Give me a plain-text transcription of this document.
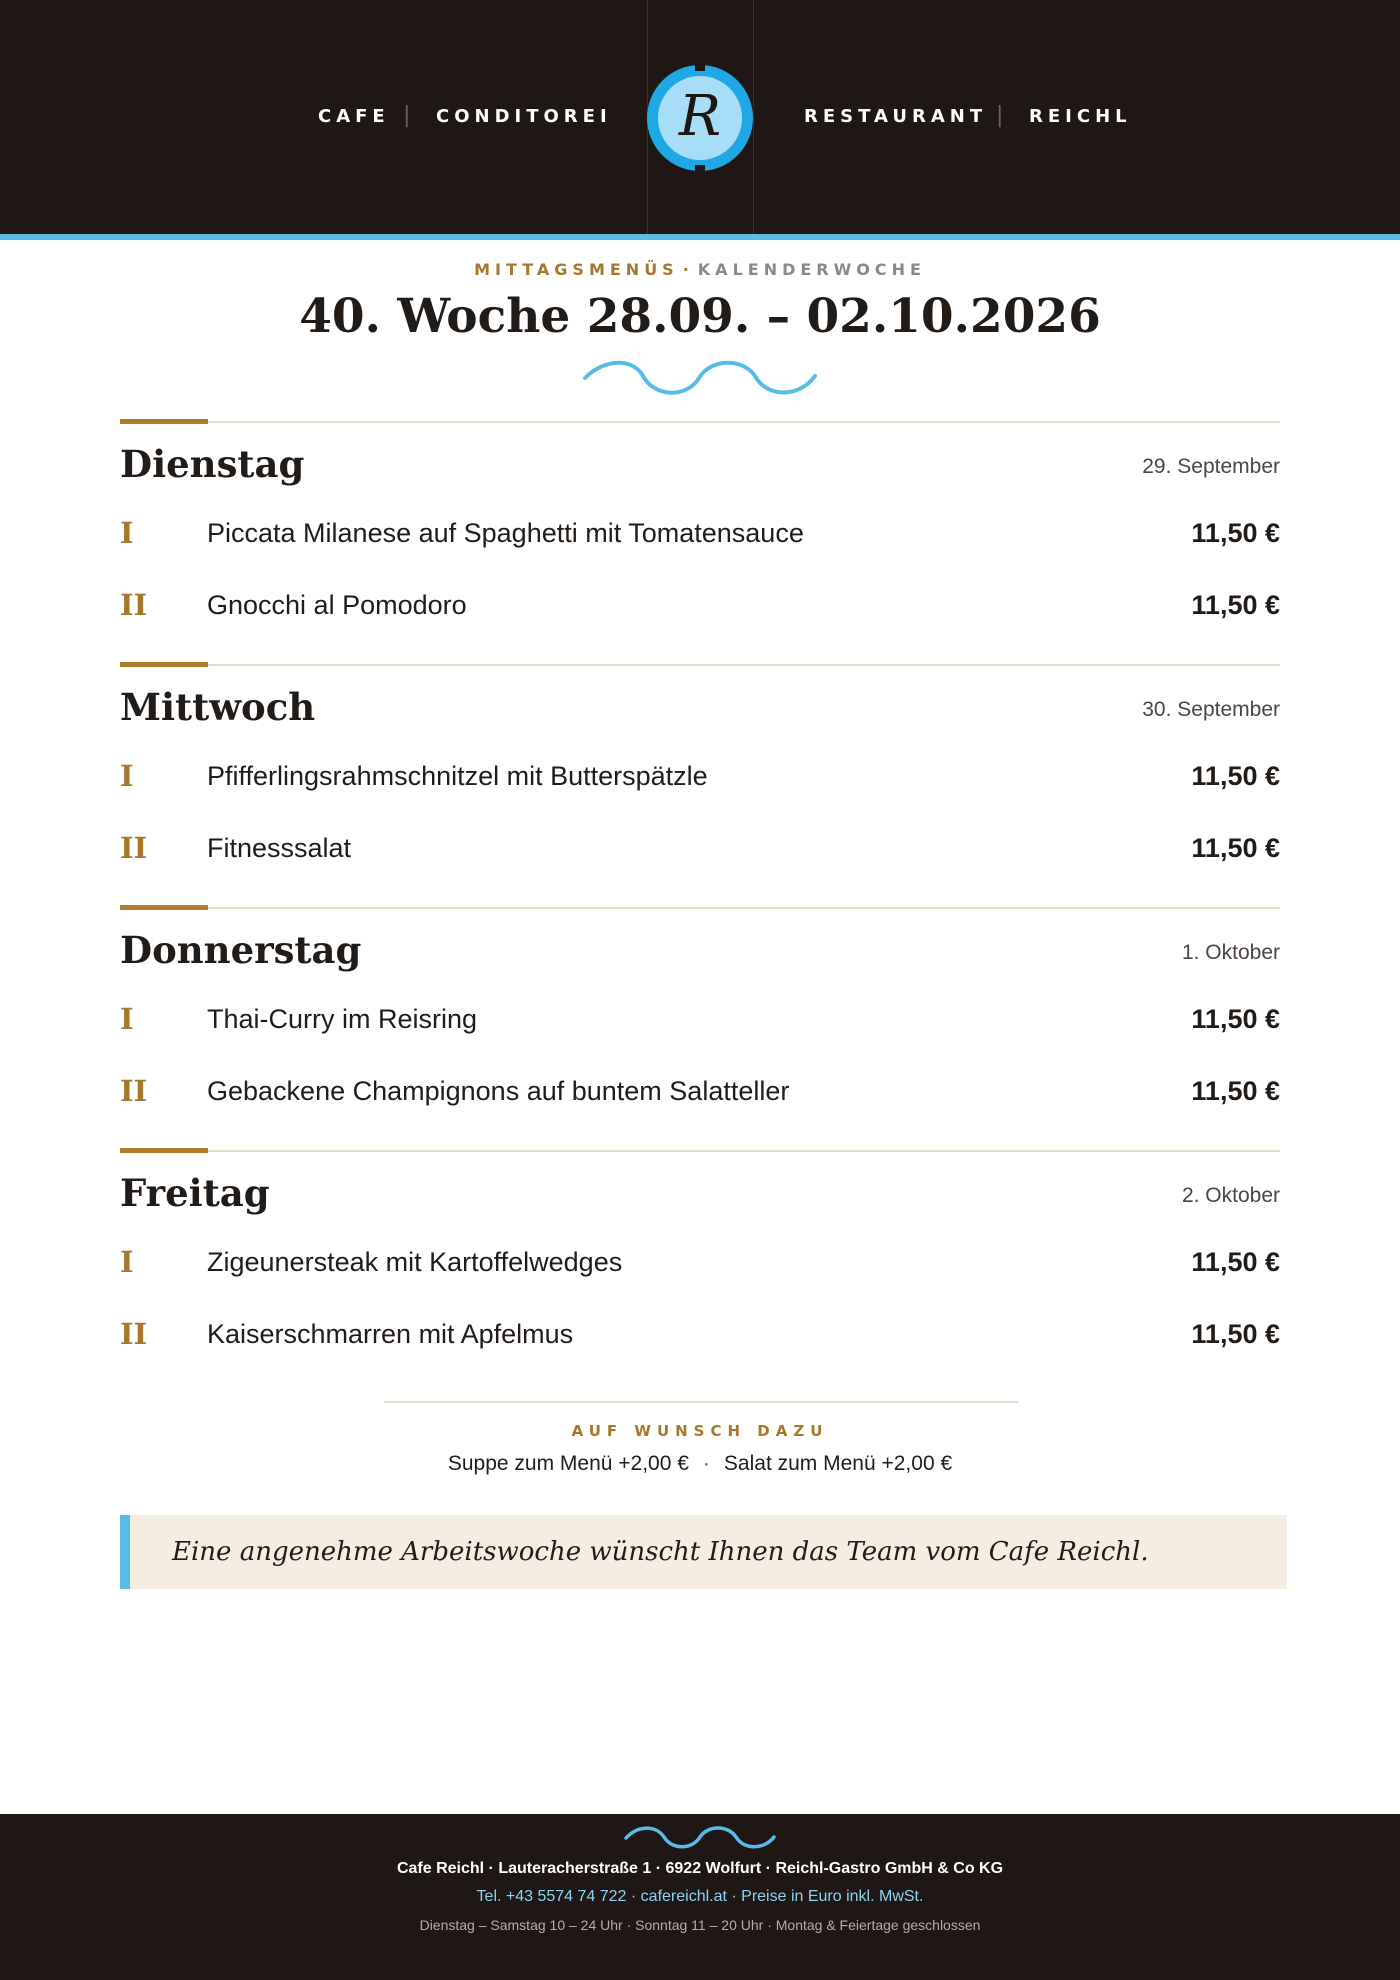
CAFE | CONDITOREI	RESTAURANT | REICHL
R
MITTAGSMENÜS · KALENDERWOCHE
40. Woche 28.09. – 02.10.2026
Dienstag	29. September
I	Piccata Milanese auf Spaghetti mit Tomatensauce	11,50 €
II Gnocchi al Pomodoro	11,50 €
Mittwoch	30. September
I	Pfifferlingsrahmschnitzel mit Butterspätzle	11,50 €
II Fitnesssalat	11,50 €
Donnerstag	1. Oktober
I	Thai-Curry im Reisring	11,50 €
II Gebackene Champignons auf buntem Salatteller	11,50 €
Freitag	2. Oktober
I	Zigeunersteak mit Kartoffelwedges	11,50 €
II Kaiserschmarren mit Apfelmus	11,50 €
AUF WUNSCH DAZU
Suppe zum Menü +2,00 € · Salat zum Menü +2,00 €
Eine angenehme Arbeitswoche wünscht Ihnen das Team vom Cafe Reichl.
Cafe Reichl · Lauteracherstraße 1 · 6922 Wolfurt · Reichl-Gastro GmbH & Co KG
Tel. +43 5574 74 722 · cafereichl.at · Preise in Euro inkl. MwSt.
Dienstag – Samstag 10 – 24 Uhr · Sonntag 11 – 20 Uhr · Montag & Feiertage geschlossen
